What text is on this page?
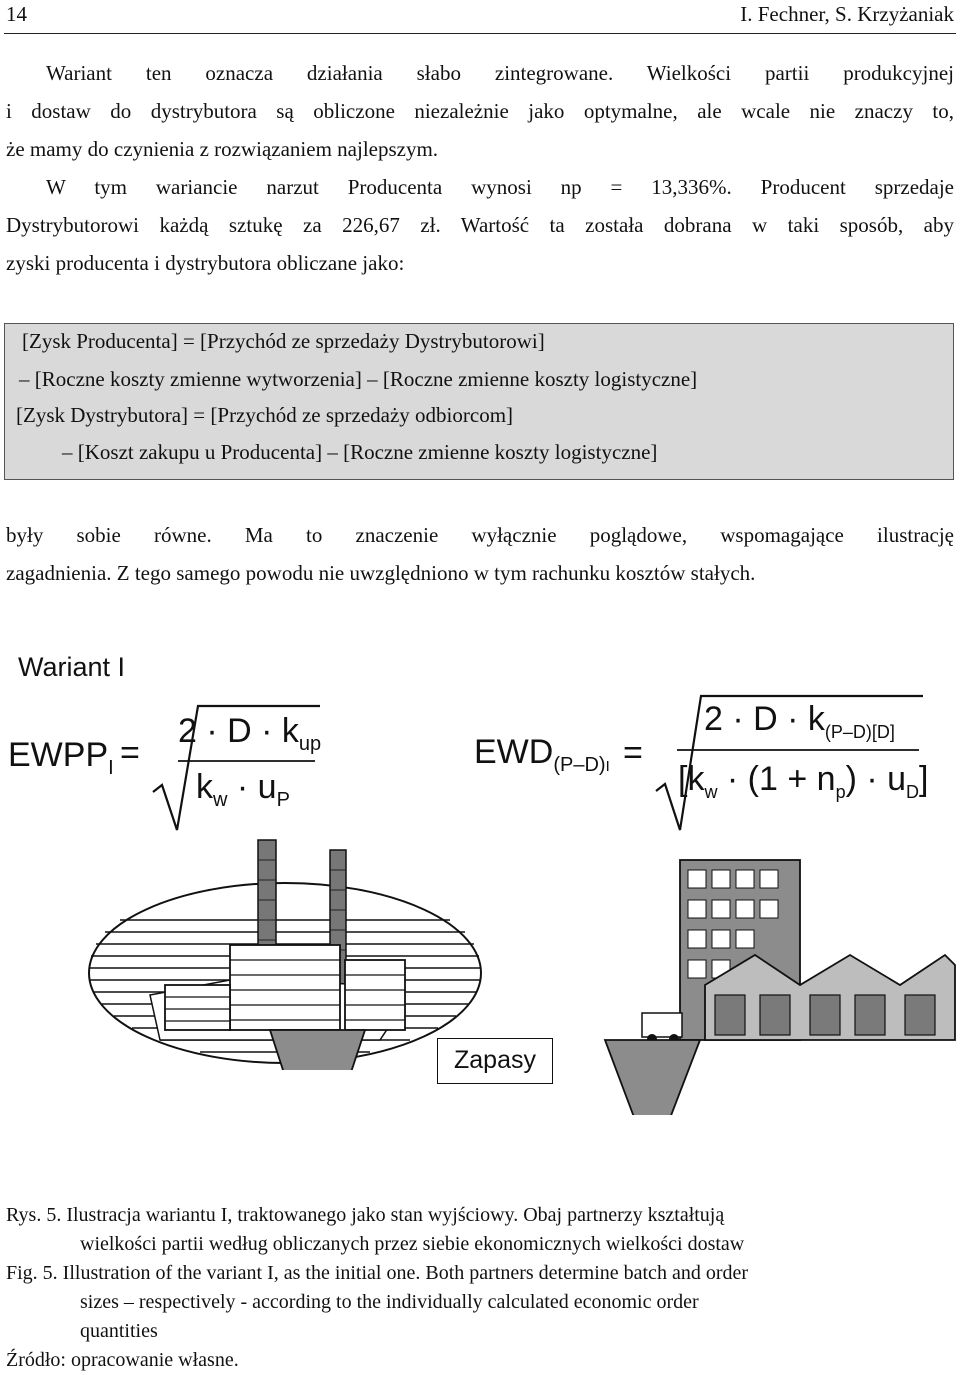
14	I. Fechner, S. Krzyżaniak
Wariant ten oznacza działania słabo zintegrowane. Wielkości partii produkcyjnej
i dostaw do dystrybutora są obliczone niezależnie jako optymalne, ale wcale nie znaczy to,
że mamy do czynienia z rozwiązaniem najlepszym.
W tym wariancie narzut Producenta wynosi np = 13,336%. Producent sprzedaje
Dystrybutorowi każdą sztukę za 226,67 zł. Wartość ta została dobrana w taki sposób, aby
zyski producenta i dystrybutora obliczane jako:
[Zysk Producenta] = [Przychód ze sprzedaży Dystrybutorowi]
– [Roczne koszty zmienne wytworzenia] – [Roczne zmienne koszty logistyczne]
[Zysk Dystrybutora] = [Przychód ze sprzedaży odbiorcom]
– [Koszt zakupu u Producenta] – [Roczne zmienne koszty logistyczne]
były sobie równe. Ma to znaczenie wyłącznie poglądowe, wspomagające ilustrację
zagadnienia. Z tego samego powodu nie uwzględniono w tym rachunku kosztów stałych.
Wariant I
$EWPP_I$ =
$2 \cdot D \cdot k_{up}$
$k_w \cdot u_P$
$EWD_{(P-D)I}$ =
$2 \cdot D \cdot k_{(P-D)[D]}$
$[k_w \cdot (1 + n_p) \cdot u_D]$
Zapasy
Rys. 5. Ilustracja wariantu I, traktowanego jako stan wyjściowy. Obaj partnerzy kształtują
wielkości partii według obliczanych przez siebie ekonomicznych wielkości dostaw
Fig. 5. Illustration of the variant I, as the initial one. Both partners determine batch and order
sizes – respectively - according to the individually calculated economic order
quantities
Źródło: opracowanie własne.
